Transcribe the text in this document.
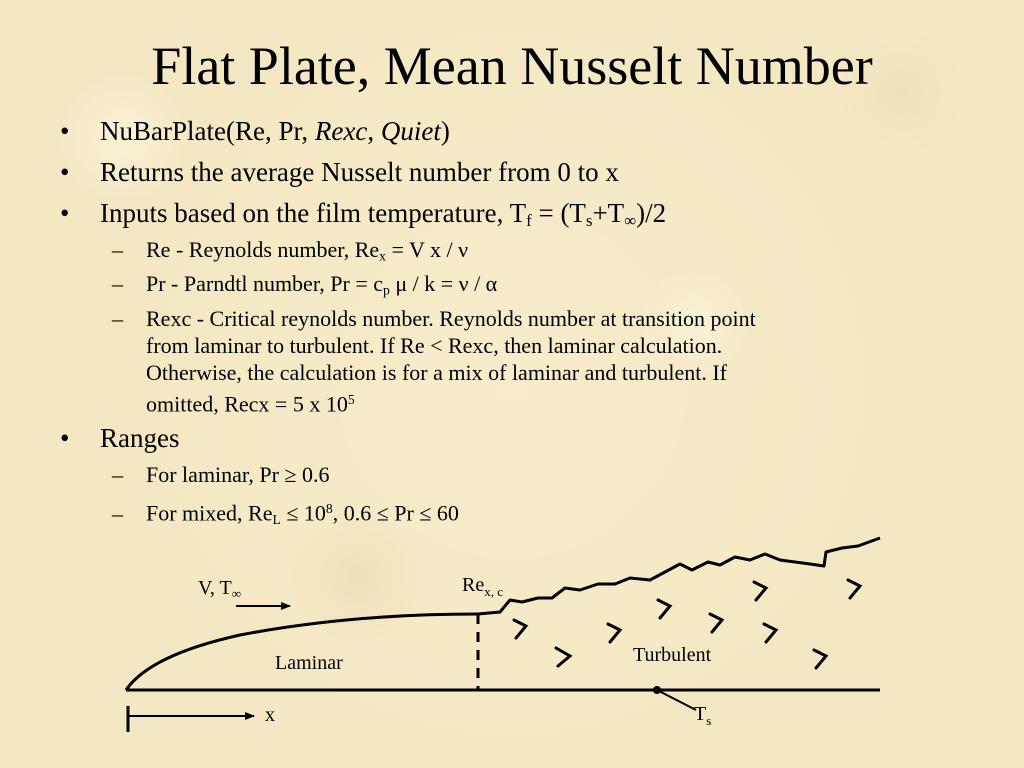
Flat Plate, Mean Nusselt Number
• NuBarPlate(Re, Pr, Rexc, Quiet)
• Returns the average Nusselt number from 0 to x
• Inputs based on the film temperature, $T_f = (T_s+T_\infty)/2$
– Re - Reynolds number, $Re_x = V$ x / ν
– Pr - Parndtl number, $Pr = c_p$ μ / k = ν / α
– Rexc - Critical reynolds number. Reynolds number at transition point
from laminar to turbulent. If Re < Rexc, then laminar calculation.
Otherwise, the calculation is for a mix of laminar and turbulent. If
omitted, Recx = 5 x $10^5$
• Ranges
– For laminar, Pr ≥ 0.6
– For mixed, $Re_L \le 10^8$, 0.6 ≤ Pr ≤ 60
V, $T_\infty$	$Re_{x, c}$
Laminar	Turbulent
x	$T_s$
